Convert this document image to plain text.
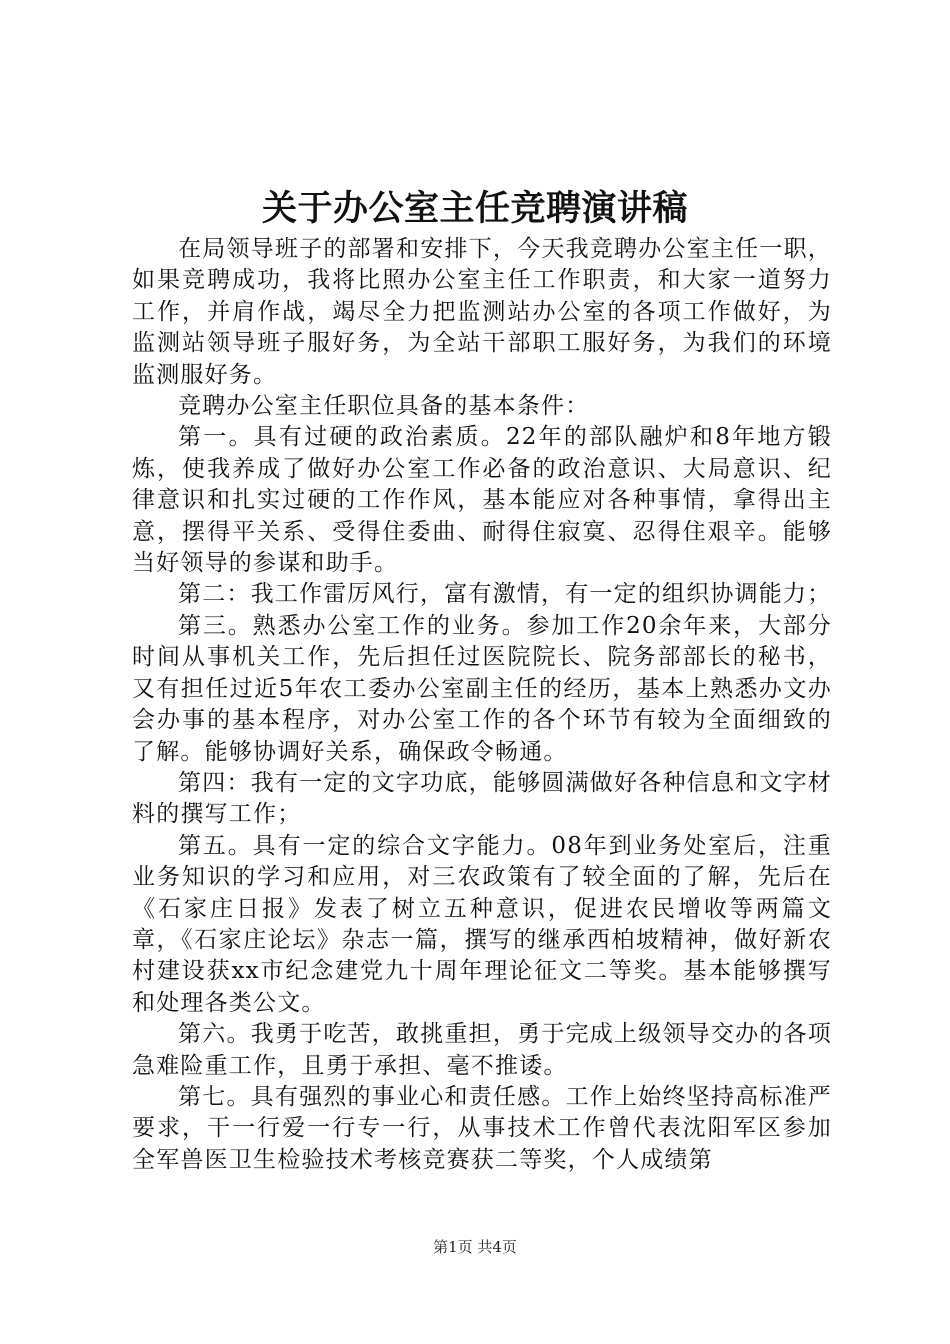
关于办公室主任竞聘演讲稿

在局领导班子的部署和安排下，今天我竞聘办公室主任一职，如果竞聘成功，我将比照办公室主任工作职责，和大家一道努力工作，并肩作战，竭尽全力把监测站办公室的各项工作做好，为监测站领导班子服好务，为全站干部职工服好务，为我们的环境监测服好务。

竞聘办公室主任职位具备的基本条件：

第一。具有过硬的政治素质。22年的部队融炉和8年地方锻炼，使我养成了做好办公室工作必备的政治意识、大局意识、纪律意识和扎实过硬的工作作风，基本能应对各种事情，拿得出主意，摆得平关系、受得住委曲、耐得住寂寞、忍得住艰辛。能够当好领导的参谋和助手。

第二：我工作雷厉风行，富有激情，有一定的组织协调能力；

第三。熟悉办公室工作的业务。参加工作20余年来，大部分时间从事机关工作，先后担任过医院院长、院务部部长的秘书，又有担任过近5年农工委办公室副主任的经历，基本上熟悉办文办会办事的基本程序，对办公室工作的各个环节有较为全面细致的了解。能够协调好关系，确保政令畅通。

第四：我有一定的文字功底，能够圆满做好各种信息和文字材料的撰写工作；

第五。具有一定的综合文字能力。08年到业务处室后，注重业务知识的学习和应用，对三农政策有了较全面的了解，先后在《石家庄日报》发表了树立五种意识，促进农民增收等两篇文章，《石家庄论坛》杂志一篇，撰写的继承西柏坡精神，做好新农村建设获xx市纪念建党九十周年理论征文二等奖。基本能够撰写和处理各类公文。

第六。我勇于吃苦，敢挑重担，勇于完成上级领导交办的各项急难险重工作，且勇于承担、毫不推诿。

第七。具有强烈的事业心和责任感。工作上始终坚持高标准严要求，干一行爱一行专一行，从事技术工作曾代表沈阳军区参加全军兽医卫生检验技术考核竞赛获二等奖，个人成绩第

第1页 共4页
